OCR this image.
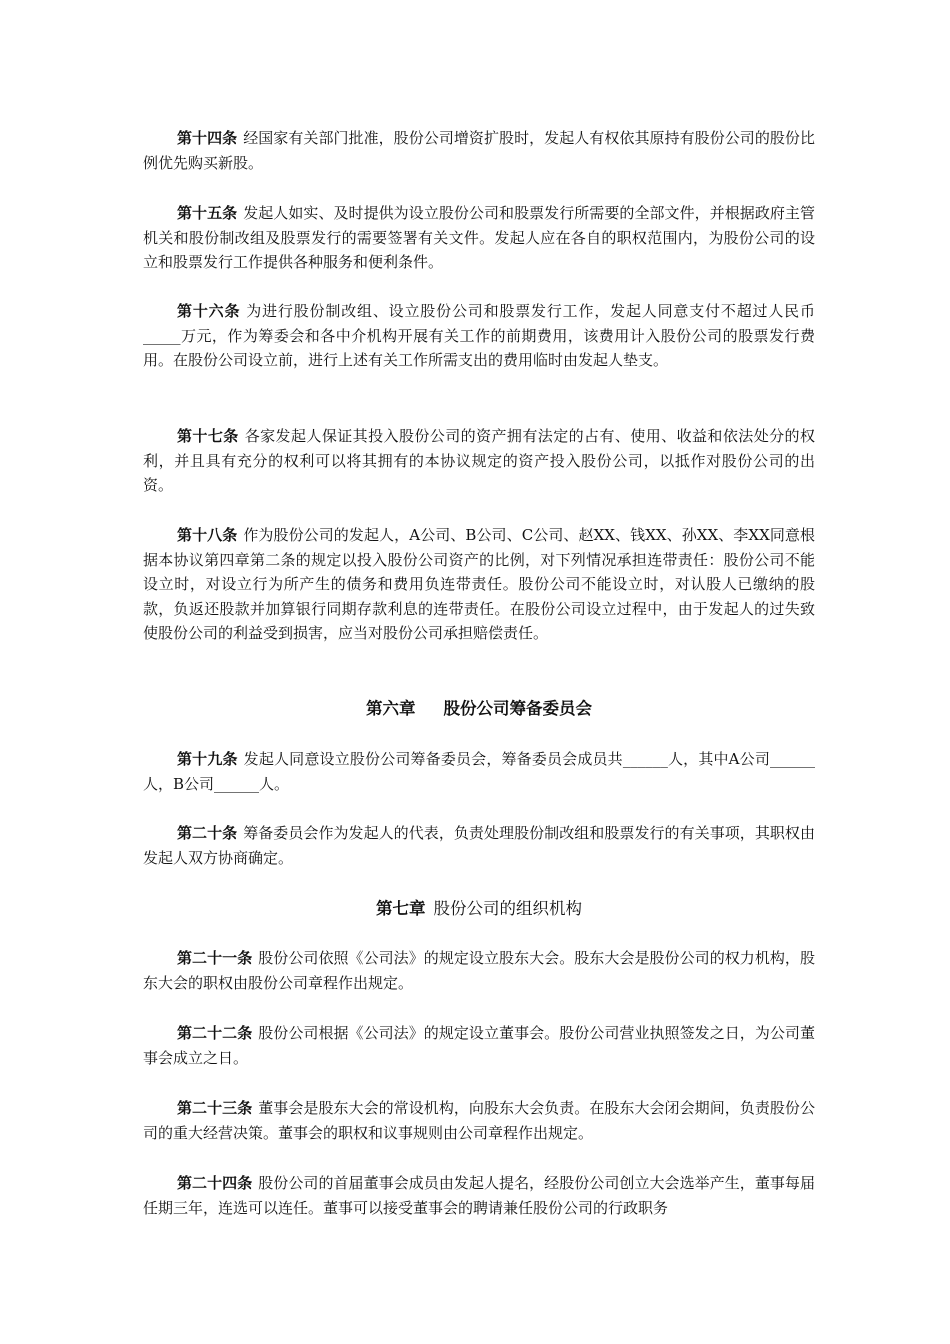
第十四条 经国家有关部门批准，股份公司增资扩股时，发起人有权依其原持有股份公司的股份比例优先购买新股。

第十五条 发起人如实、及时提供为设立股份公司和股票发行所需要的全部文件，并根据政府主管机关和股份制改组及股票发行的需要签署有关文件。发起人应在各自的职权范围内，为股份公司的设立和股票发行工作提供各种服务和便利条件。

第十六条 为进行股份制改组、设立股份公司和股票发行工作，发起人同意支付不超过人民币_____万元，作为筹委会和各中介机构开展有关工作的前期费用，该费用计入股份公司的股票发行费用。在股份公司设立前，进行上述有关工作所需支出的费用临时由发起人垫支。

第十七条 各家发起人保证其投入股份公司的资产拥有法定的占有、使用、收益和依法处分的权利，并且具有充分的权利可以将其拥有的本协议规定的资产投入股份公司，以抵作对股份公司的出资。

第十八条 作为股份公司的发起人，A公司、B公司、C公司、赵XX、钱XX、孙XX、李XX同意根据本协议第四章第二条的规定以投入股份公司资产的比例，对下列情况承担连带责任：股份公司不能设立时，对设立行为所产生的债务和费用负连带责任。股份公司不能设立时，对认股人已缴纳的股款，负返还股款并加算银行同期存款利息的连带责任。在股份公司设立过程中，由于发起人的过失致使股份公司的利益受到损害，应当对股份公司承担赔偿责任。

第六章 股份公司筹备委员会

第十九条 发起人同意设立股份公司筹备委员会，筹备委员会成员共______人，其中A公司______人，B公司______人。

第二十条 筹备委员会作为发起人的代表，负责处理股份制改组和股票发行的有关事项，其职权由发起人双方协商确定。

第七章 股份公司的组织机构

第二十一条 股份公司依照《公司法》的规定设立股东大会。股东大会是股份公司的权力机构，股东大会的职权由股份公司章程作出规定。

第二十二条 股份公司根据《公司法》的规定设立董事会。股份公司营业执照签发之日，为公司董事会成立之日。

第二十三条 董事会是股东大会的常设机构，向股东大会负责。在股东大会闭会期间，负责股份公司的重大经营决策。董事会的职权和议事规则由公司章程作出规定。

第二十四条 股份公司的首届董事会成员由发起人提名，经股份公司创立大会选举产生，董事每届任期三年，连选可以连任。董事可以接受董事会的聘请兼任股份公司的行政职务
